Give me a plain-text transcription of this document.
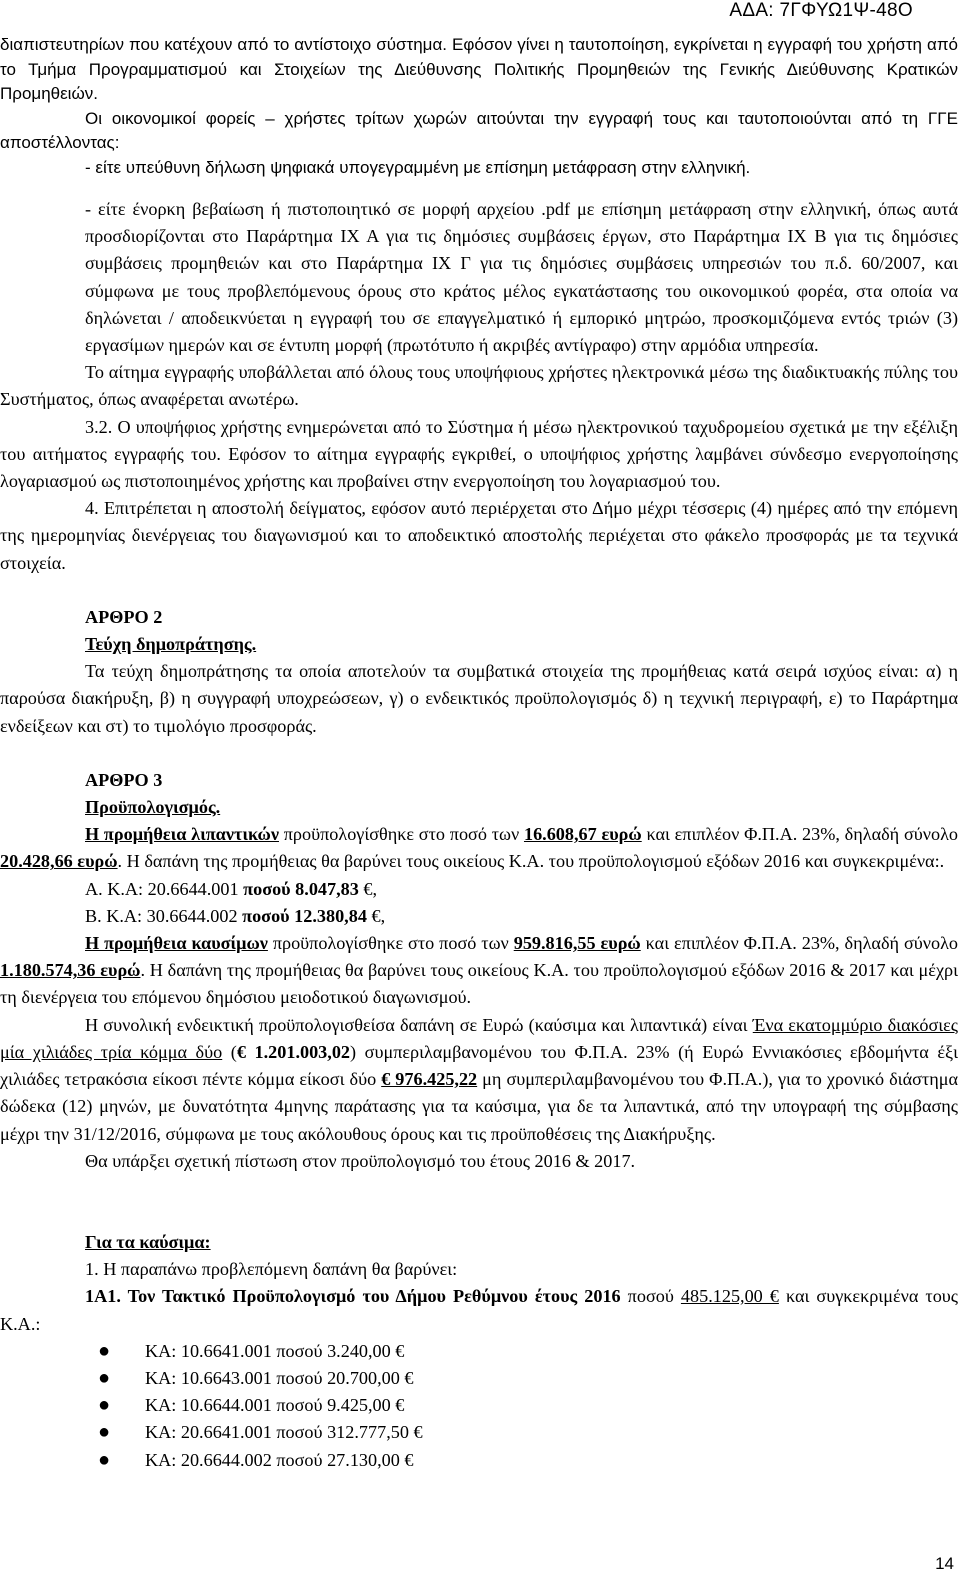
ΑΔΑ: 7ΓΦΥΩ1Ψ-48Ο

διαπιστευτηρίων που κατέχουν από το αντίστοιχο σύστημα. Εφόσον γίνει η ταυτοποίηση, εγκρίνεται η εγγραφή του χρήστη από το Τμήμα Προγραμματισμού και Στοιχείων της Διεύθυνσης Πολιτικής Προμηθειών της Γενικής Διεύθυνσης Κρατικών Προμηθειών.

Οι οικονομικοί φορείς – χρήστες τρίτων χωρών αιτούνται την εγγραφή τους και ταυτοποιούνται από τη ΓΓΕ αποστέλλοντας:

- είτε υπεύθυνη δήλωση ψηφιακά υπογεγραμμένη με επίσημη μετάφραση στην ελληνική.

- είτε ένορκη βεβαίωση ή πιστοποιητικό σε μορφή αρχείου .pdf με επίσημη μετάφραση στην ελληνική, όπως αυτά προσδιορίζονται στο Παράρτημα ΙΧ Α για τις δημόσιες συμβάσεις έργων, στο Παράρτημα ΙΧ Β για τις δημόσιες συμβάσεις προμηθειών και στο Παράρτημα ΙΧ Γ για τις δημόσιες συμβάσεις υπηρεσιών του π.δ. 60/2007, και σύμφωνα με τους προβλεπόμενους όρους στο κράτος μέλος εγκατάστασης του οικονομικού φορέα, στα οποία να δηλώνεται / αποδεικνύεται η εγγραφή του σε επαγγελματικό ή εμπορικό μητρώο, προσκομιζόμενα εντός τριών (3) εργασίμων ημερών και σε έντυπη μορφή (πρωτότυπο ή ακριβές αντίγραφο) στην αρμόδια υπηρεσία.

Το αίτημα εγγραφής υποβάλλεται από όλους τους υποψήφιους χρήστες ηλεκτρονικά μέσω της διαδικτυακής πύλης του Συστήματος, όπως αναφέρεται ανωτέρω.

3.2. Ο υποψήφιος χρήστης ενημερώνεται από το Σύστημα ή μέσω ηλεκτρονικού ταχυδρομείου σχετικά με την εξέλιξη του αιτήματος εγγραφής του. Εφόσον το αίτημα εγγραφής εγκριθεί, ο υποψήφιος χρήστης λαμβάνει σύνδεσμο ενεργοποίησης λογαριασμού ως πιστοποιημένος χρήστης και προβαίνει στην ενεργοποίηση του λογαριασμού του.

4. Επιτρέπεται η αποστολή δείγματος, εφόσον αυτό περιέρχεται στο Δήμο μέχρι τέσσερις (4) ημέρες από την επόμενη της ημερομηνίας διενέργειας του διαγωνισμού και το αποδεικτικό αποστολής περιέχεται στο φάκελο προσφοράς με τα τεχνικά στοιχεία.

ΑΡΘΡΟ 2

Τεύχη δημοπράτησης.

Τα τεύχη δημοπράτησης τα οποία αποτελούν τα συμβατικά στοιχεία της προμήθειας κατά σειρά ισχύος είναι: α) η παρούσα διακήρυξη, β) η συγγραφή υποχρεώσεων, γ) ο ενδεικτικός προϋπολογισμός δ) η τεχνική περιγραφή, ε) το Παράρτημα ενδείξεων και στ) το τιμολόγιο προσφοράς.

ΑΡΘΡΟ 3

Προϋπολογισμός.

Η προμήθεια λιπαντικών προϋπολογίσθηκε στο ποσό των 16.608,67 ευρώ και επιπλέον Φ.Π.Α. 23%, δηλαδή σύνολο 20.428,66 ευρώ. Η δαπάνη της προμήθειας θα βαρύνει τους οικείους Κ.Α. του προϋπολογισμού εξόδων 2016 και συγκεκριμένα:.

Α. Κ.Α: 20.6644.001 ποσού 8.047,83 €,

Β. Κ.Α: 30.6644.002 ποσού 12.380,84 €,

Η προμήθεια καυσίμων προϋπολογίσθηκε στο ποσό των 959.816,55 ευρώ και επιπλέον Φ.Π.Α. 23%, δηλαδή σύνολο 1.180.574,36 ευρώ. Η δαπάνη της προμήθειας θα βαρύνει τους οικείους Κ.Α. του προϋπολογισμού εξόδων 2016 & 2017 και μέχρι τη διενέργεια του επόμενου δημόσιου μειοδοτικού διαγωνισμού.

Η συνολική ενδεικτική προϋπολογισθείσα δαπάνη σε Ευρώ (καύσιμα και λιπαντικά) είναι Ένα εκατομμύριο διακόσιες μία χιλιάδες τρία κόμμα δύο (€ 1.201.003,02) συμπεριλαμβανομένου του Φ.Π.Α. 23% (ή Ευρώ Εννιακόσιες εβδομήντα έξι χιλιάδες τετρακόσια είκοσι πέντε κόμμα είκοσι δύο € 976.425,22 μη συμπεριλαμβανομένου του Φ.Π.Α.), για το χρονικό διάστημα δώδεκα (12) μηνών, με δυνατότητα 4μηνης παράτασης για τα καύσιμα, για δε τα λιπαντικά, από την υπογραφή της σύμβασης μέχρι την 31/12/2016, σύμφωνα με τους ακόλουθους όρους και τις προϋποθέσεις της Διακήρυξης.

Θα υπάρξει σχετική πίστωση στον προϋπολογισμό του έτους 2016 & 2017.

Για τα καύσιμα:

1. Η παραπάνω προβλεπόμενη δαπάνη θα βαρύνει:

1Α1. Τον Τακτικό Προϋπολογισμό του Δήμου Ρεθύμνου έτους 2016 ποσού 485.125,00 € και συγκεκριμένα τους Κ.Α.:

● ΚΑ: 10.6641.001 ποσού 3.240,00 €
● ΚΑ: 10.6643.001 ποσού 20.700,00 €
● ΚΑ: 10.6644.001 ποσού 9.425,00 €
● ΚΑ: 20.6641.001 ποσού 312.777,50 €
● ΚΑ: 20.6644.002 ποσού 27.130,00 €
14
